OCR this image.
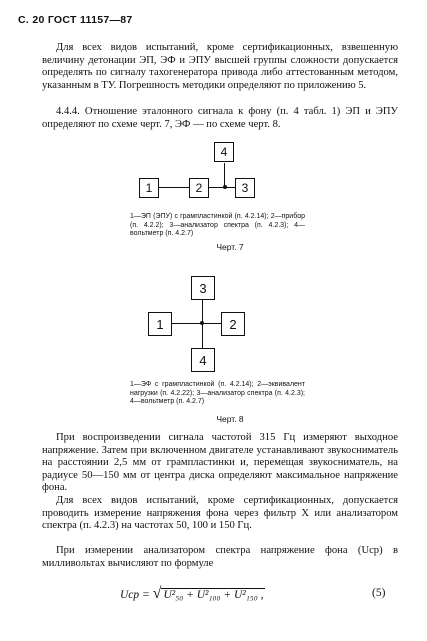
С. 20 ГОСТ 11157—87
Для всех видов испытаний, кроме сертификационных, взвешенную величину детонации ЭП, ЭФ и ЭПУ высшей группы сложности допускается определять по сигналу тахогенератора привода либо аттестованным методом, указанным в ТУ. Погрешность методики определяют по приложению 5.
4.4.4. Отношение эталонного сигнала к фону (п. 4 табл. 1) ЭП и ЭПУ определяют по схеме черт. 7, ЭФ — по схеме черт. 8.
1	2	3
4
1—ЭП (ЭПУ) с грампластинкой (п. 4.2.14); 2—прибор (п. 4.2.2); 3—анализатор спектра (п. 4.2.3); 4—вольтметр (п. 4.2.7)
Черт. 7
3
1	2
4
1—ЭФ с грампластинкой (п. 4.2.14); 2—эквивалент нагрузки (п. 4.2.22); 3—анализатор спектра (п. 4.2.3); 4—вольтметр (п. 4.2.7)
Черт. 8
При воспроизведении сигнала частотой 315 Гц измеряют выходное напряжение. Затем при включенном двигателе устанавливают звукосниматель на расстоянии 2,5 мм от грампластинки и, перемещая звукосниматель, на радиусе 50—150 мм от центра диска определяют максимальное напряжение фона.
Для всех видов испытаний, кроме сертификационных, допускается проводить измерение напряжения фона через фильтр X или анализатором спектра (п. 4.2.3) на частотах 50, 100 и 150 Гц.
При измерении анализатором спектра напряжение фона (Uср) в милливольтах вычисляют по формуле
Uср = √ U²₅₀ + U²₁₀₀ + U²₁₅₀ ,	(5)
